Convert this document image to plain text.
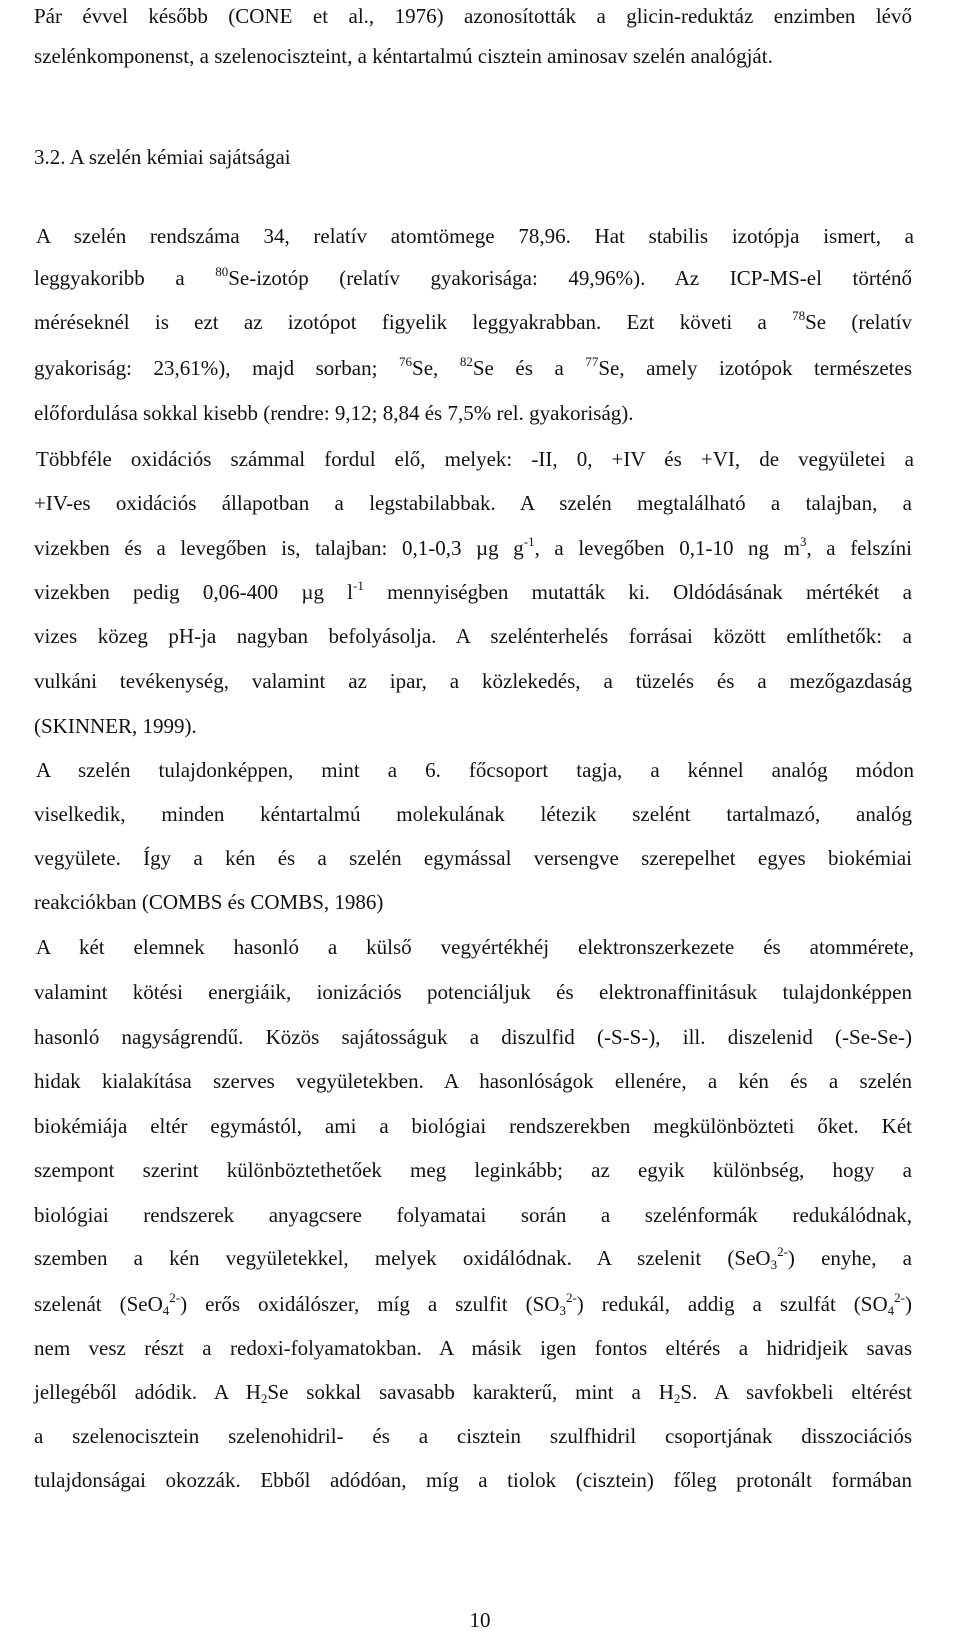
Pár évvel később (CONE et al., 1976) azonosították a glicin-reduktáz enzimben lévő
szelénkomponenst, a szelenociszteint, a kéntartalmú cisztein aminosav szelén analógját.
3.2. A szelén kémiai sajátságai
A szelén rendszáma 34, relatív atomtömege 78,96. Hat stabilis izotópja ismert, a
leggyakoribb a $^{80}$Se-izotóp (relatív gyakorisága: 49,96%). Az ICP-MS-el történő
méréseknél is ezt az izotópot figyelik leggyakrabban. Ezt követi a $^{78}$Se (relatív
gyakoriság: 23,61%), majd sorban; $^{76}$Se, $^{82}$Se és a $^{77}$Se, amely izotópok természetes
előfordulása sokkal kisebb (rendre: 9,12; 8,84 és 7,5% rel. gyakoriság).
Többféle oxidációs számmal fordul elő, melyek: -II, 0, +IV és +VI, de vegyületei a
+IV-es oxidációs állapotban a legstabilabbak. A szelén megtalálható a talajban, a
vizekben és a levegőben is, talajban: 0,1-0,3 µg $g^{-1}$, a levegőben 0,1-10 ng $m^3$, a felszíni
vizekben pedig 0,06-400 µg $l^{-1}$ mennyiségben mutatták ki. Oldódásának mértékét a
vizes közeg pH-ja nagyban befolyásolja. A szelénterhelés forrásai között említhetők: a
vulkáni tevékenység, valamint az ipar, a közlekedés, a tüzelés és a mezőgazdaság
(SKINNER, 1999).
A szelén tulajdonképpen, mint a 6. főcsoport tagja, a kénnel analóg módon
viselkedik, minden kéntartalmú molekulának létezik szelént tartalmazó, analóg
vegyülete. Így a kén és a szelén egymással versengve szerepelhet egyes biokémiai
reakciókban (COMBS és COMBS, 1986)
A két elemnek hasonló a külső vegyértékhéj elektronszerkezete és atommérete,
valamint kötési energiáik, ionizációs potenciáljuk és elektronaffinitásuk tulajdonképpen
hasonló nagyságrendű. Közös sajátosságuk a diszulfid (-S-S-), ill. diszelenid (-Se-Se-)
hidak kialakítása szerves vegyületekben. A hasonlóságok ellenére, a kén és a szelén
biokémiája eltér egymástól, ami a biológiai rendszerekben megkülönbözteti őket. Két
szempont szerint különböztethetőek meg leginkább; az egyik különbség, hogy a
biológiai rendszerek anyagcsere folyamatai során a szelénformák redukálódnak,
szemben a kén vegyületekkel, melyek oxidálódnak. A szelenit (SeO$_3^{2-}$) enyhe, a
szelenát (SeO$_4^{2-}$) erős oxidálószer, míg a szulfit $(SO_3^{2-})$ redukál, addig a szulfát $(SO_4^{2-})$
nem vesz részt a redoxi-folyamatokban. A másik igen fontos eltérés a hidridjeik savas
jellegéből adódik. A $H_2Se$ sokkal savasabb karakterű, mint a $H_2S$. A savfokbeli eltérést
a szelenocisztein szelenohidril- és a cisztein szulfhidril csoportjának disszociációs
tulajdonságai okozzák. Ebből adódóan, míg a tiolok (cisztein) főleg protonált formában
10
